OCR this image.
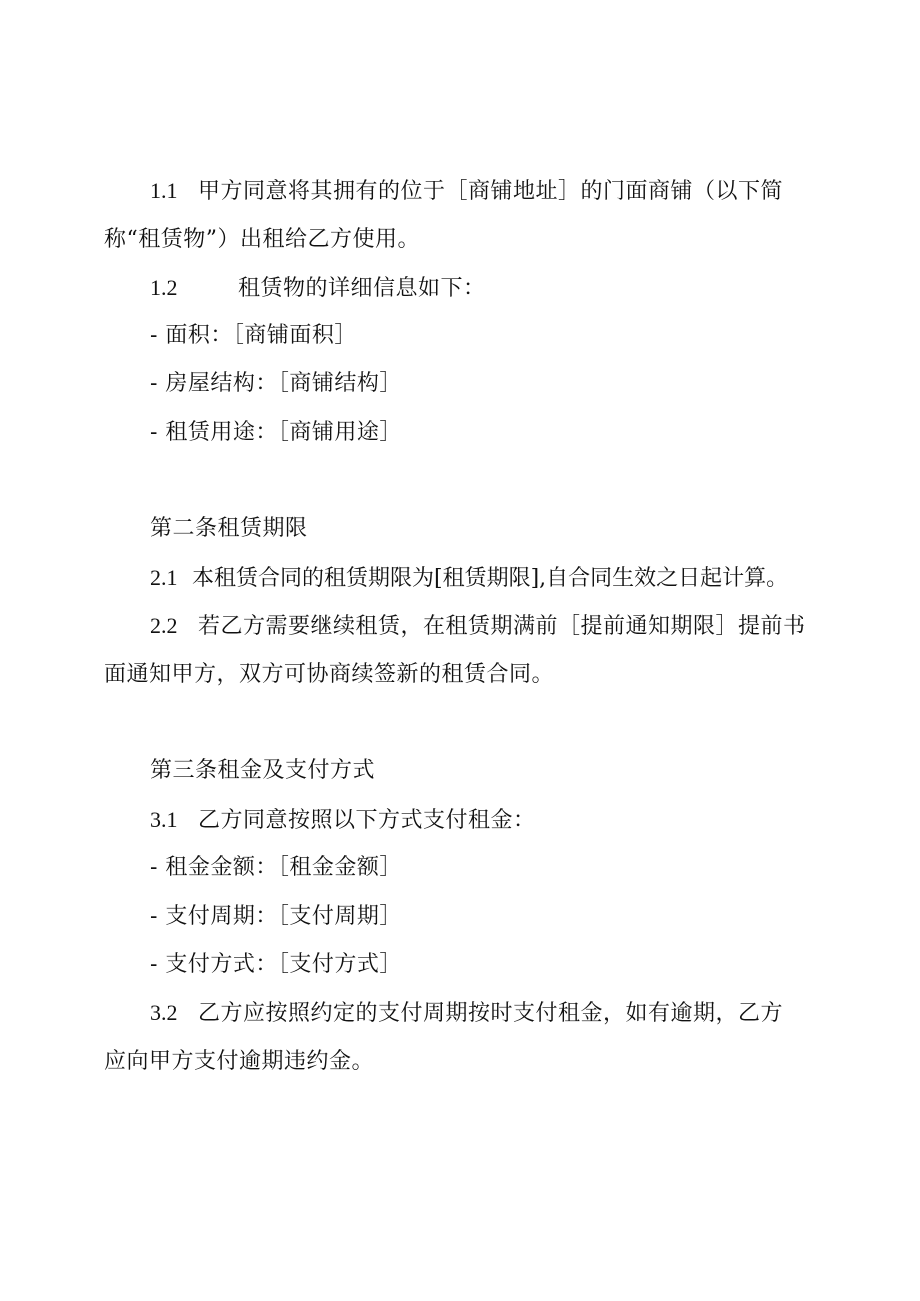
1.1 甲方同意将其拥有的位于［商铺地址］的门面商铺（以下简
称“租赁物”）出租给乙方使用。
1.2	租赁物的详细信息如下：
- 面积：［商铺面积］
- 房屋结构：［商铺结构］
- 租赁用途：［商铺用途］
第二条租赁期限
2.1 本租赁合同的租赁期限为[租赁期限],自合同生效之日起计算。
2.2 若乙方需要继续租赁，在租赁期满前［提前通知期限］提前书
面通知甲方，双方可协商续签新的租赁合同。
第三条租金及支付方式
3.1 乙方同意按照以下方式支付租金：
- 租金金额：［租金金额］
- 支付周期：［支付周期］
- 支付方式：［支付方式］
3.2 乙方应按照约定的支付周期按时支付租金，如有逾期，乙方
应向甲方支付逾期违约金。
